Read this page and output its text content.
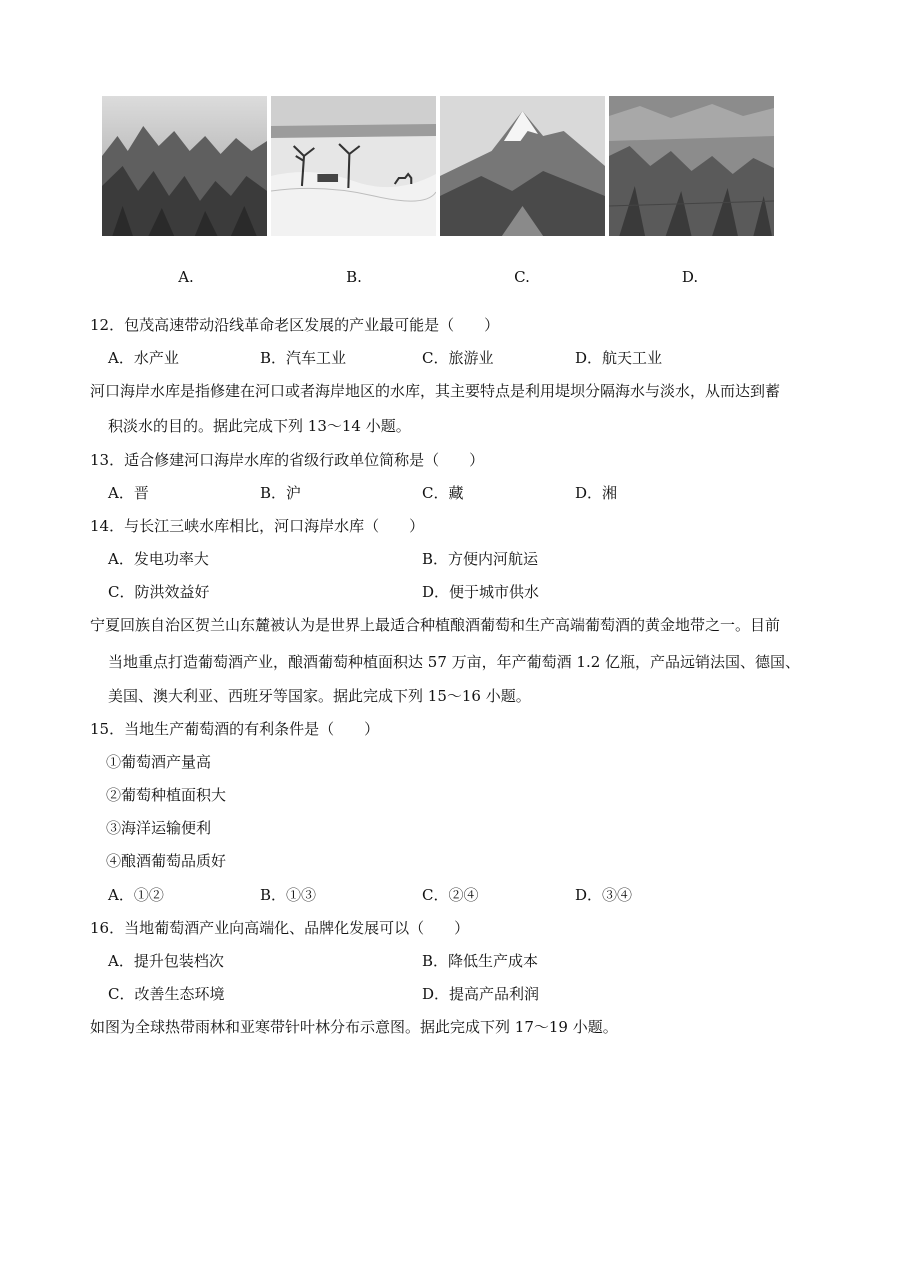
A.	B.	C.	D.
12．包茂高速带动沿线革命老区发展的产业最可能是（　　）
A．水产业	B．汽车工业	C．旅游业	D．航天工业
河口海岸水库是指修建在河口或者海岸地区的水库，其主要特点是利用堤坝分隔海水与淡水，从而达到蓄
积淡水的目的。据此完成下列 13～14 小题。
13．适合修建河口海岸水库的省级行政单位简称是（　　）
A．晋	B．沪	C．藏	D．湘
14．与长江三峡水库相比，河口海岸水库（　　）
A．发电功率大	B．方便内河航运
C．防洪效益好	D．便于城市供水
宁夏回族自治区贺兰山东麓被认为是世界上最适合种植酿酒葡萄和生产高端葡萄酒的黄金地带之一。目前
当地重点打造葡萄酒产业，酿酒葡萄种植面积达 57 万亩，年产葡萄酒 1.2 亿瓶，产品远销法国、德国、
美国、澳大利亚、西班牙等国家。据此完成下列 15～16 小题。
15．当地生产葡萄酒的有利条件是（　　）
①葡萄酒产量高
②葡萄种植面积大
③海洋运输便利
④酿酒葡萄品质好
A．①②	B．①③	C．②④	D．③④
16．当地葡萄酒产业向高端化、品牌化发展可以（　　）
A．提升包装档次	B．降低生产成本
C．改善生态环境	D．提高产品利润
如图为全球热带雨林和亚寒带针叶林分布示意图。据此完成下列 17～19 小题。
